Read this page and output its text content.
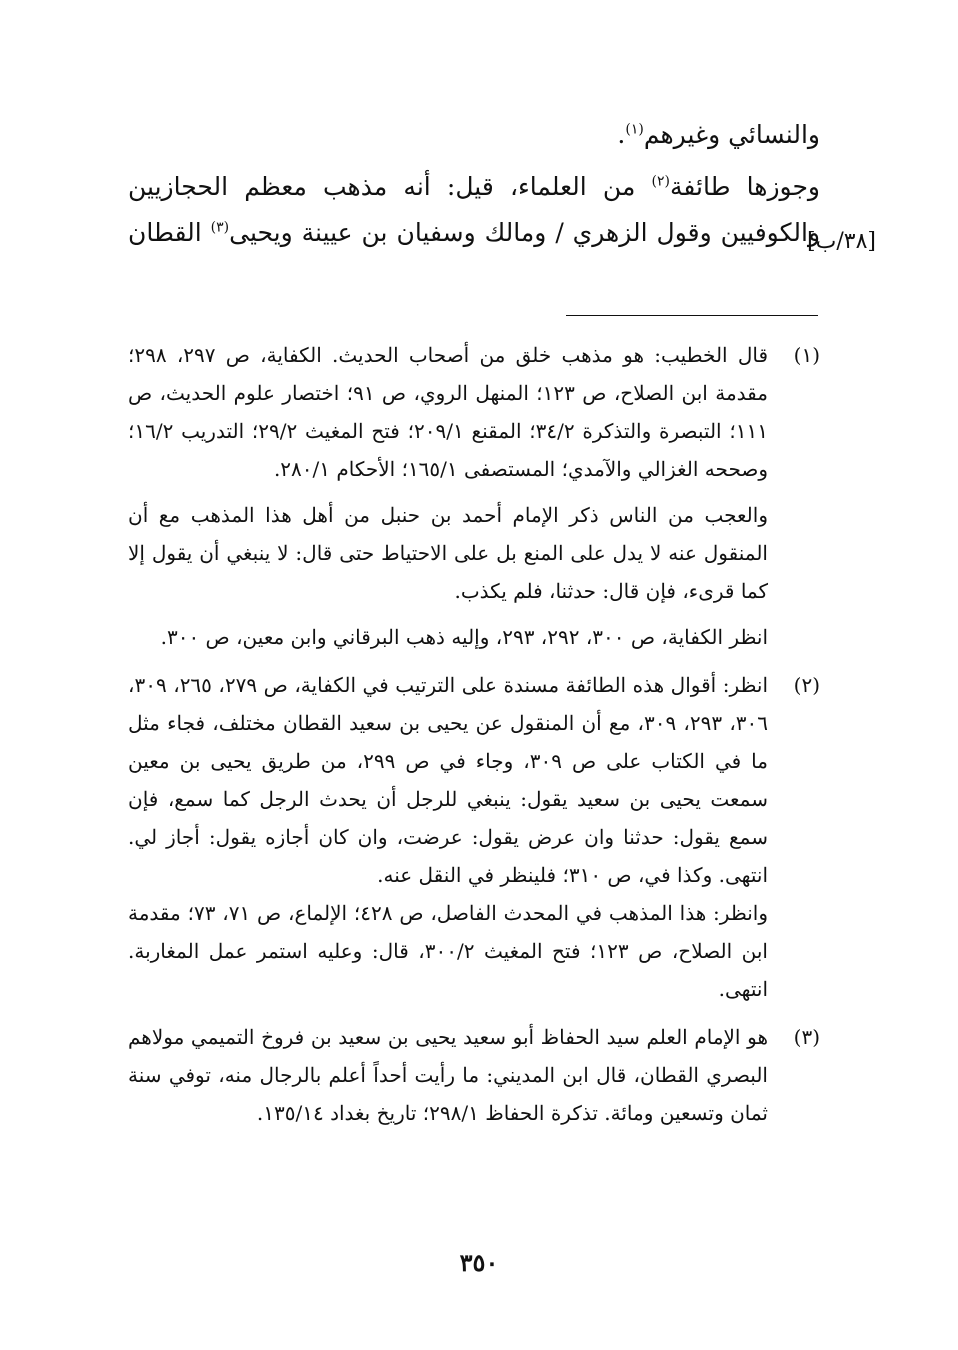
والنسائي وغيرهم$^{(١)}$.

وجوزها طائفة$^{(٢)}$ من العلماء، قيل: أنه مذهب معظم الحجازيين والكوفيين وقول الزهري / ومالك وسفيان بن عيينة ويحيى$^{(٣)}$ القطان	[٣٨/ب]
(١)

قال الخطيب: هو مذهب خلق من أصحاب الحديث. الكفاية، ص ٢٩٧، ٢٩٨؛ مقدمة ابن الصلاح، ص ١٢٣؛ المنهل الروي، ص ٩١؛ اختصار علوم الحديث، ص ١١١؛ التبصرة والتذكرة ٣٤/٢؛ المقنع ٢٠٩/١؛ فتح المغيث ٢٩/٢؛ التدريب ١٦/٢؛ وصححه الغزالي والآمدي؛ المستصفى ١٦٥/١؛ الأحكام ٢٨٠/١.

والعجب من الناس ذكر الإمام أحمد بن حنبل من أهل هذا المذهب مع أن المنقول عنه لا يدل على المنع بل على الاحتياط حتى قال: لا ينبغي أن يقول إلا كما قرىء، فإن قال: حدثنا، فلم يكذب.

انظر الكفاية، ص ٣٠٠، ٢٩٢، ٢٩٣، وإليه ذهب البرقاني وابن معين، ص ٣٠٠.

(٢)

انظر: أقوال هذه الطائفة مسندة على الترتيب في الكفاية، ص ٢٧٩، ٢٦٥، ٣٠٩، ٣٠٦، ٢٩٣، ٣٠٩، مع أن المنقول عن يحيى بن سعيد القطان مختلف، فجاء مثل ما في الكتاب على ص ٣٠٩، وجاء في ص ٢٩٩، من طريق يحيى بن معين سمعت يحيى بن سعيد يقول: ينبغي للرجل أن يحدث الرجل كما سمع، فإن سمع يقول: حدثنا وان عرض يقول: عرضت، وان كان أجازه يقول: أجاز لي. انتهى. وكذا في، ص ٣١٠؛ فلينظر في النقل عنه.

وانظر: هذا المذهب في المحدث الفاصل، ص ٤٢٨؛ الإلماع، ص ٧١، ٧٣؛ مقدمة ابن الصلاح، ص ١٢٣؛ فتح المغيث ٣٠٠/٢، قال: وعليه استمر عمل المغاربة. انتهى.

(٣)

هو الإمام العلم سيد الحفاظ أبو سعيد يحيى بن سعيد بن فروخ التميمي مولاهم البصري القطان، قال ابن المديني: ما رأيت أحداً أعلم بالرجال منه، توفي سنة ثمان وتسعين ومائة. تذكرة الحفاظ ٢٩٨/١؛ تاريخ بغداد ١٣٥/١٤.

٣٥٠
